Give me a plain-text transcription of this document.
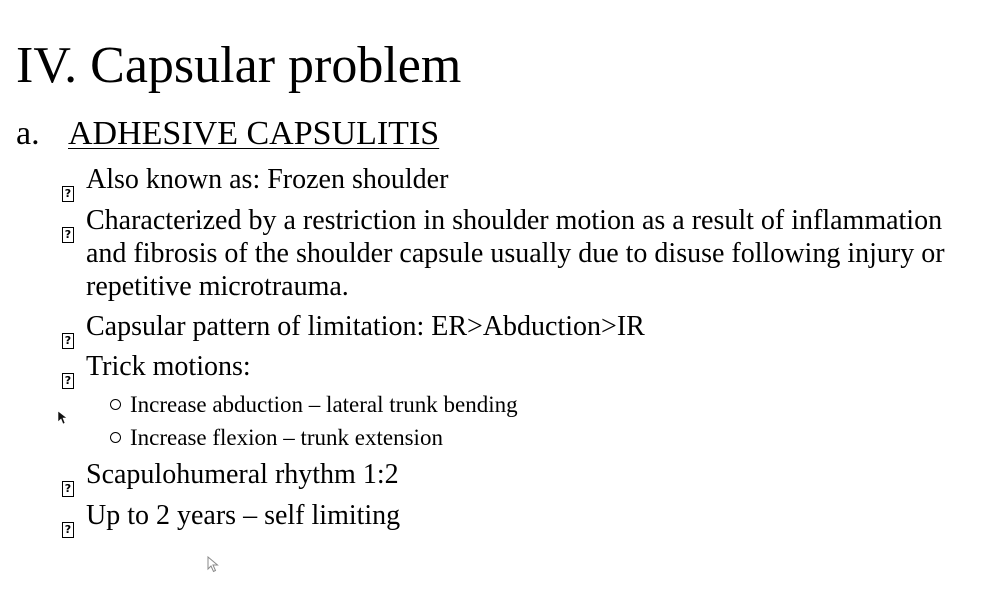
IV. Capsular problem
a. ADHESIVE CAPSULITIS
? Also known as: Frozen shoulder
? Characterized by a restriction in shoulder motion as a result of inflammation and fibrosis of the shoulder capsule usually due to disuse following injury or repetitive microtrauma.
? Capsular pattern of limitation: ER>Abduction>IR
? Trick motions:
Increase abduction – lateral trunk bending
Increase flexion – trunk extension
? Scapulohumeral rhythm 1:2
? Up to 2 years – self limiting
